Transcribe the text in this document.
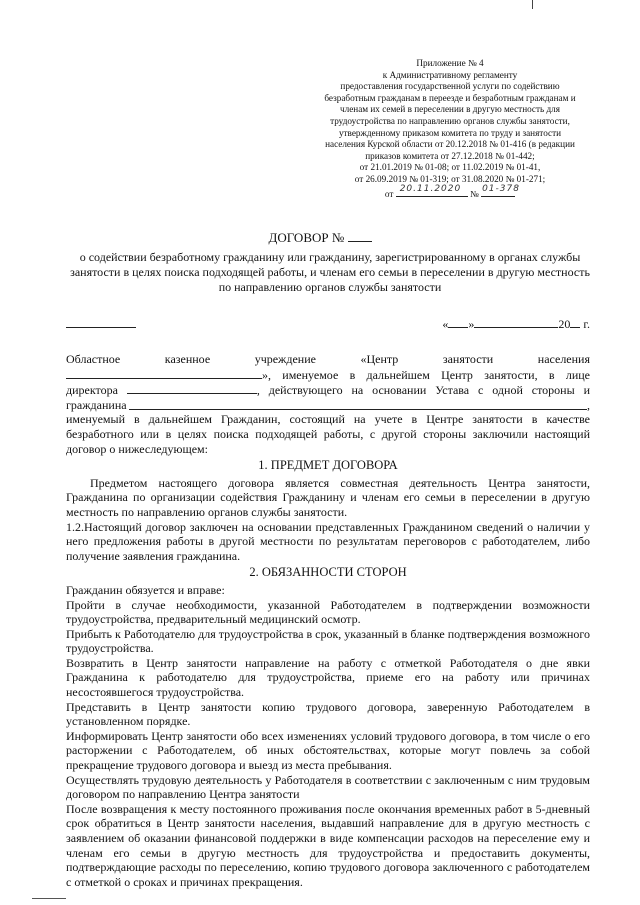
Приложение № 4
к Административному регламенту
предоставления государственной услуги по содействию
безработным гражданам в переезде и безработным гражданам и
членам их семей в переселении в другую местность для
трудоустройства по направлению органов службы занятости,
утвержденному приказом комитета по труду и занятости
населения Курской области от 20.12.2018 № 01-416 (в редакции
приказов комитета от 27.12.2018 № 01-442;
от 21.01.2019 № 01-08; от 11.02.2019 № 01-41,
от 26.09.2019 № 01-319; от 31.08.2020 № 01-271;
от 20.11.2020 № 01-378
ДОГОВОР №
о содействии безработному гражданину или гражданину, зарегистрированному в органах службы занятости в целях поиска подходящей работы, и членам его семьи в переселении в другую местность по направлению органов службы занятости
« »	20 г.
Областное казенное учреждение «Центр занятости населения
», именуемое в дальнейшем Центр занятости, в лице
директора	, действующего на основании Устава с одной стороны и
гражданина	,
именуемый в дальнейшем Гражданин, состоящий на учете в Центре занятости в качестве безработного или в целях поиска подходящей работы, с другой стороны заключили настоящий договор о нижеследующем:
1. ПРЕДМЕТ ДОГОВОРА
Предметом настоящего договора является совместная деятельность Центра занятости, Гражданина по организации содействия Гражданину и членам его семьи в переселении в другую местность по направлению органов службы занятости.
1.2.Настоящий договор заключен на основании представленных Гражданином сведений о наличии у него предложения работы в другой местности по результатам переговоров с работодателем, либо получение заявления гражданина.
2. ОБЯЗАННОСТИ СТОРОН
Гражданин обязуется и вправе:
Пройти в случае необходимости, указанной Работодателем в подтверждении возможности трудоустройства, предварительный медицинский осмотр.
Прибыть к Работодателю для трудоустройства в срок, указанный в бланке подтверждения возможного трудоустройства.
Возвратить в Центр занятости направление на работу с отметкой Работодателя о дне явки Гражданина к работодателю для трудоустройства, приеме его на работу или причинах несостоявшегося трудоустройства.
Представить в Центр занятости копию трудового договора, заверенную Работодателем в установленном порядке.
Информировать Центр занятости обо всех изменениях условий трудового договора, в том числе о его расторжении с Работодателем, об иных обстоятельствах, которые могут повлечь за собой прекращение трудового договора и выезд из места пребывания.
Осуществлять трудовую деятельность у Работодателя в соответствии с заключенным с ним трудовым договором по направлению Центра занятости
После возвращения к месту постоянного проживания после окончания временных работ в 5-дневный срок обратиться в Центр занятости населения, выдавший направление для в другую местность с заявлением об оказании финансовой поддержки в виде компенсации расходов на переселение ему и членам его семьи в другую местность для трудоустройства и предоставить документы, подтверждающие расходы по переселению, копию трудового договора заключенного с работодателем с отметкой о сроках и причинах прекращения.
